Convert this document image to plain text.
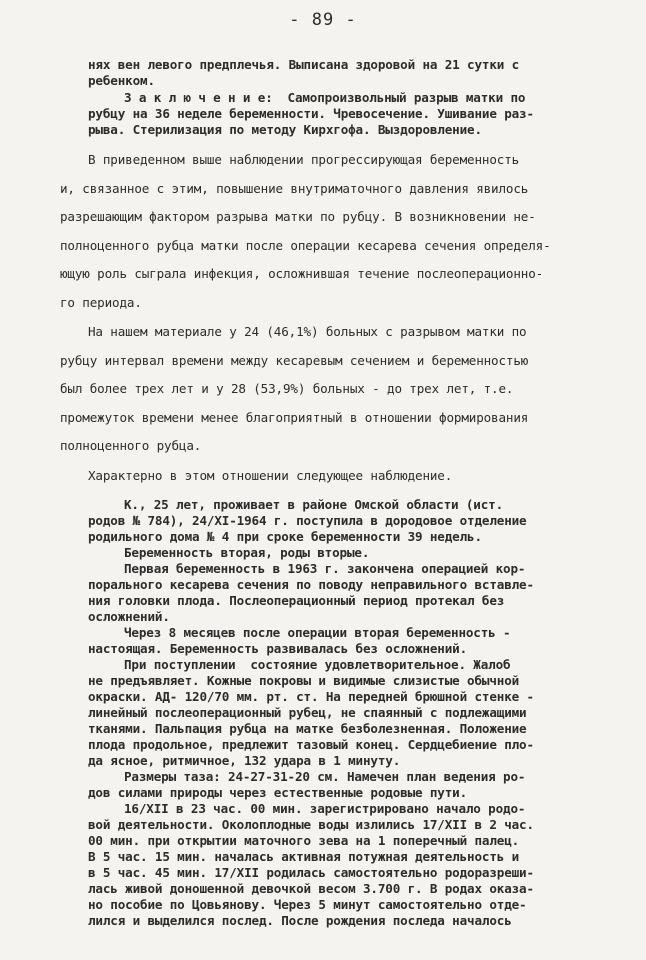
- 89 -
нях вен левого предплечья. Выписана здоровой на 21 сутки с
ребенком.
З а к л ю ч е н и е:  Самопроизвольный разрыв матки по
рубцу на 36 неделе беременности. Чревосечение. Ушивание раз-
рыва. Стерилизация по методу Кирхгофа. Выздоровление.
В приведенном выше наблюдении прогрессирующая беременность
и, связанное с этим, повышение внутриматочного давления явилось
разрешающим фактором разрыва матки по рубцу. В возникновении не-
полноценного рубца матки после операции кесарева сечения определя-
ющую роль сыграла инфекция, осложнившая течение послеоперационно-
го периода.
На нашем материале у 24 (46,1%) больных с разрывом матки по
рубцу интервал времени между кесаревым сечением и беременностью
был более трех лет и у 28 (53,9%) больных - до трех лет, т.е.
промежуток времени менее благоприятный в отношении формирования
полноценного рубца.
Характерно в этом отношении следующее наблюдение.
К., 25 лет, проживает в районе Омской области (ист.
родов № 784), 24/XI-1964 г. поступила в дородовое отделение
родильного дома № 4 при сроке беременности 39 недель.
Беременность вторая, роды вторые.
Первая беременность в 1963 г. закончена операцией кор-
порального кесарева сечения по поводу неправильного вставле-
ния головки плода. Послеоперационный период протекал без
осложнений.
Через 8 месяцев после операции вторая беременность -
настоящая. Беременность развивалась без осложнений.
При поступлении  состояние удовлетворительное. Жалоб
не предъявляет. Кожные покровы и видимые слизистые обычной
окраски. АД- 120/70 мм. рт. ст. На передней брюшной стенке -
линейный послеоперационный рубец, не спаянный с подлежащими
тканями. Пальпация рубца на матке безболезненная. Положение
плода продольное, предлежит тазовый конец. Сердцебиение пло-
да ясное, ритмичное, 132 удара в 1 минуту.
Размеры таза: 24-27-31-20 см. Намечен план ведения ро-
дов силами природы через естественные родовые пути.
16/XII в 23 час. 00 мин. зарегистрировано начало родо-
вой деятельности. Околоплодные воды излились 17/XII в 2 час.
00 мин. при открытии маточного зева на 1 поперечный палец.
В 5 час. 15 мин. началась активная потужная деятельность и
в 5 час. 45 мин. 17/XII родилась самостоятельно родоразреши-
лась живой доношенной девочкой весом 3.700 г. В родах оказа-
но пособие по Цовьянову. Через 5 минут самостоятельно отде-
лился и выделился послед. После рождения последа началось
